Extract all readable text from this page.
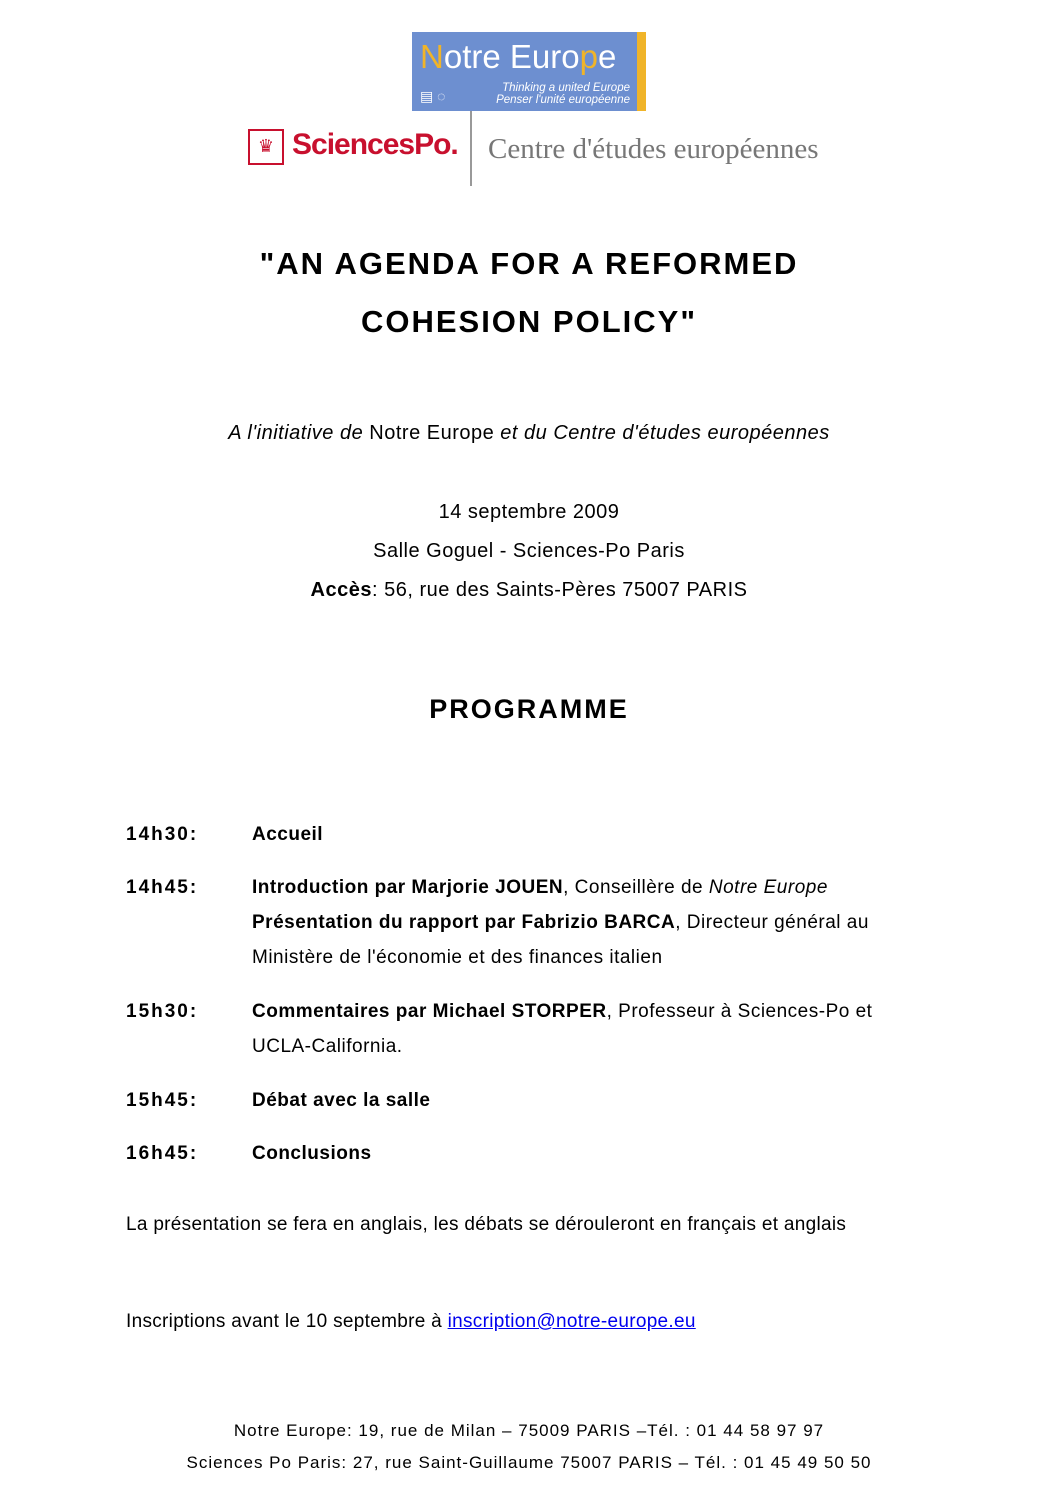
Notre Europe
▤ ◌	Thinking a united Europe
Penser l'unité européenne
♛ SciencesPo. Centre d'études européennes
"AN AGENDA FOR A REFORMED
COHESION POLICY"
A l'initiative de Notre Europe et du Centre d'études européennes
14 septembre 2009
Salle Goguel - Sciences-Po Paris
Accès: 56, rue des Saints-Pères 75007 PARIS
PROGRAMME
14h30:	Accueil
14h45:	Introduction par Marjorie JOUEN, Conseillère de Notre Europe
Présentation du rapport par Fabrizio BARCA, Directeur général au Ministère de l'économie et des finances italien
15h30:	Commentaires par Michael STORPER, Professeur à Sciences-Po et UCLA-California.
15h45:	Débat avec la salle
16h45:	Conclusions
La présentation se fera en anglais, les débats se dérouleront en français et anglais
Inscriptions avant le 10 septembre à inscription@notre-europe.eu
Notre Europe: 19, rue de Milan – 75009 PARIS –Tél. : 01 44 58 97 97
Sciences Po Paris: 27, rue Saint-Guillaume 75007 PARIS – Tél. : 01 45 49 50 50
